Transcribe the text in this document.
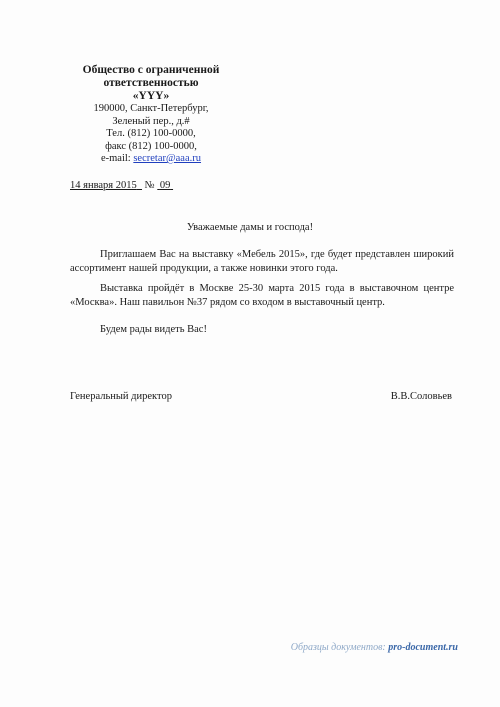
Общество с ограниченной
ответственностью
«YYY»
190000, Санкт-Петербург,
Зеленый пер., д.#
Тел. (812) 100-0000,
факс (812) 100-0000,
e-mail: secretar@aaa.ru
14 января 2015 № 09
Уважаемые дамы и господа!
Приглашаем Вас на выставку «Мебель 2015», где будет представлен широкий ассортимент нашей продукции, а также новинки этого года.
Выставка пройдёт в Москве 25-30 марта 2015 года в выставочном центре «Москва». Наш павильон №37 рядом со входом в выставочный центр.
Будем рады видеть Вас!
Генеральный директор	В.В.Соловьев
Образцы документов: pro-document.ru
